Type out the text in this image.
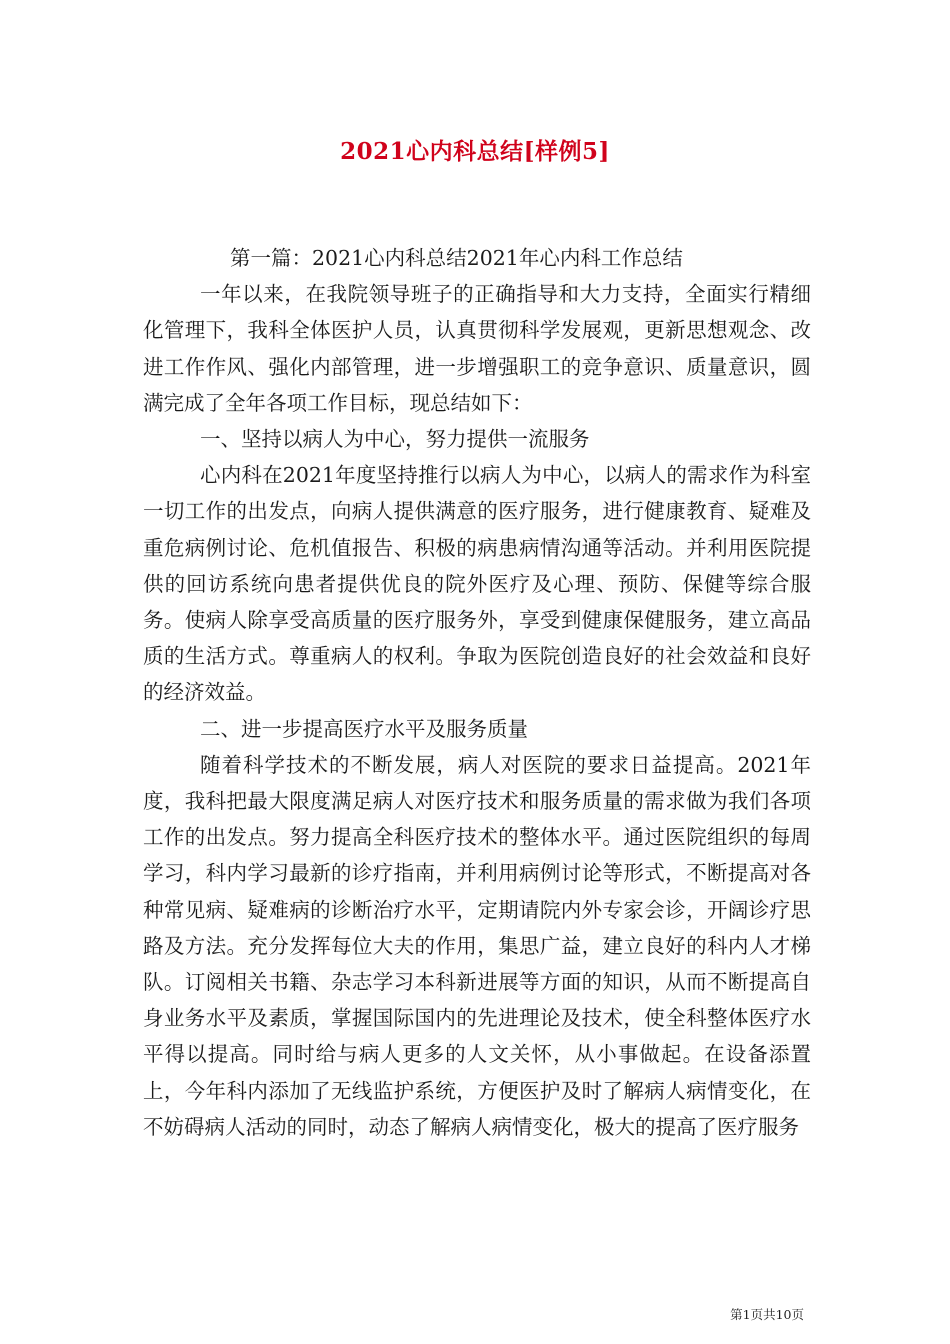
2021心内科总结[样例5]

第一篇：2021心内科总结2021年心内科工作总结

一年以来，在我院领导班子的正确指导和大力支持，全面实行精细化管理下，我科全体医护人员，认真贯彻科学发展观，更新思想观念、改进工作作风、强化内部管理，进一步增强职工的竞争意识、质量意识，圆满完成了全年各项工作目标，现总结如下：

一、坚持以病人为中心，努力提供一流服务

心内科在2021年度坚持推行以病人为中心，以病人的需求作为科室一切工作的出发点，向病人提供满意的医疗服务，进行健康教育、疑难及重危病例讨论、危机值报告、积极的病患病情沟通等活动。并利用医院提供的回访系统向患者提供优良的院外医疗及心理、预防、保健等综合服务。使病人除享受高质量的医疗服务外，享受到健康保健服务，建立高品质的生活方式。尊重病人的权利。争取为医院创造良好的社会效益和良好的经济效益。

二、进一步提高医疗水平及服务质量

随着科学技术的不断发展，病人对医院的要求日益提高。2021年度，我科把最大限度满足病人对医疗技术和服务质量的需求做为我们各项工作的出发点。努力提高全科医疗技术的整体水平。通过医院组织的每周学习，科内学习最新的诊疗指南，并利用病例讨论等形式，不断提高对各种常见病、疑难病的诊断治疗水平，定期请院内外专家会诊，开阔诊疗思路及方法。充分发挥每位大夫的作用，集思广益，建立良好的科内人才梯队。订阅相关书籍、杂志学习本科新进展等方面的知识，从而不断提高自身业务水平及素质，掌握国际国内的先进理论及技术，使全科整体医疗水平得以提高。同时给与病人更多的人文关怀，从小事做起。在设备添置上，今年科内添加了无线监护系统，方便医护及时了解病人病情变化，在不妨碍病人活动的同时，动态了解病人病情变化，极大的提高了医疗服务

第1页共10页
